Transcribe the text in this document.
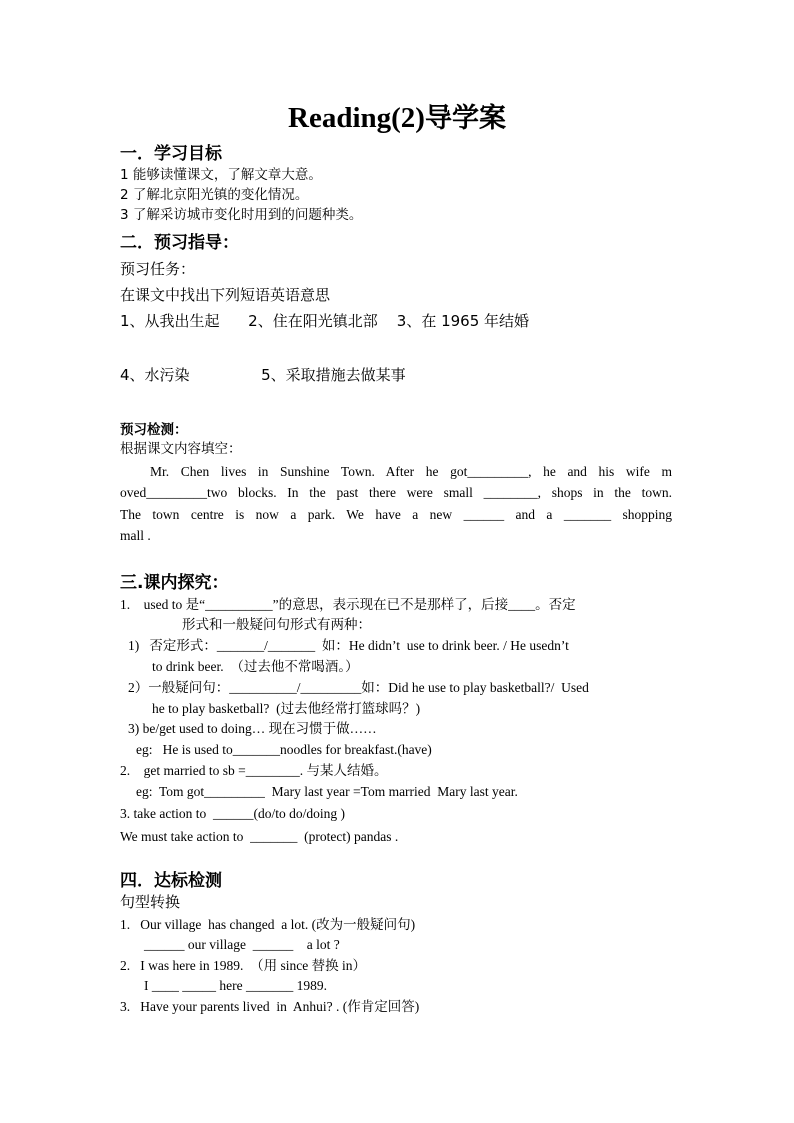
Reading(2)导学案
一．学习目标
1 能够读懂课文，了解文章大意。
2 了解北京阳光镇的变化情况。
3 了解采访城市变化时用到的问题种类。
二．预习指导：
预习任务：
在课文中找出下列短语英语意思
1、从我出生起      2、住在阳光镇北部    3、在 1965 年结婚
4、水污染               5、采取措施去做某事
预习检测：
根据课文内容填空：
Mr. Chen lives in Sunshine Town. After he got_________, he and his wife m
oved_________two blocks. In the past there were small ________, shops in the town.
The town centre is now a park. We have a new ______ and a _______ shopping
mall .
三.课内探究：
1.    used to 是“__________”的意思，表示现在已不是那样了，后接____。否定
形式和一般疑问句形式有两种：
1)   否定形式：_______/_______  如：He didn’t  use to drink beer. / He usedn’t
to drink beer.  （过去他不常喝酒。）
2）一般疑问句：__________/_________如：Did he use to play basketball?/  Used
he to play basketball?  (过去他经常打篮球吗？)
3) be/get used to doing… 现在习惯于做……
eg:   He is used to_______noodles for breakfast.(have)
2.    get married to sb =________. 与某人结婚。
eg:  Tom got_________  Mary last year =Tom married  Mary last year.
3. take action to  ______(do/to do/doing )
We must take action to  _______  (protect) pandas .
四．达标检测
句型转换
1.   Our village  has changed  a lot. (改为一般疑问句)
______ our village  ______    a lot ?
2.   I was here in 1989.  （用 since 替换 in）
I ____ _____ here _______ 1989.
3.   Have your parents lived  in  Anhui? . (作肯定回答)
